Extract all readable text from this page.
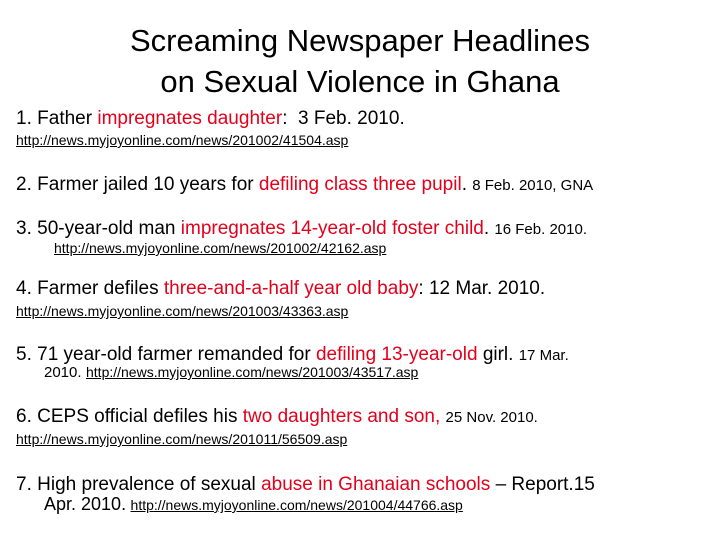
Screaming Newspaper Headlines
on Sexual Violence in Ghana
1. Father impregnates daughter: 3 Feb. 2010.
http://news.myjoyonline.com/news/201002/41504.asp
2. Farmer jailed 10 years for defiling class three pupil. 8 Feb. 2010, GNA
3. 50-year-old man impregnates 14-year-old foster child. 16 Feb. 2010.
http://news.myjoyonline.com/news/201002/42162.asp
4. Farmer defiles three-and-a-half year old baby: 12 Mar. 2010.
http://news.myjoyonline.com/news/201003/43363.asp
5. 71 year-old farmer remanded for defiling 13-year-old girl. 17 Mar.
2010. http://news.myjoyonline.com/news/201003/43517.asp
6. CEPS official defiles his two daughters and son, 25 Nov. 2010.
http://news.myjoyonline.com/news/201011/56509.asp
7. High prevalence of sexual abuse in Ghanaian schools – Report.15
Apr. 2010. http://news.myjoyonline.com/news/201004/44766.asp
